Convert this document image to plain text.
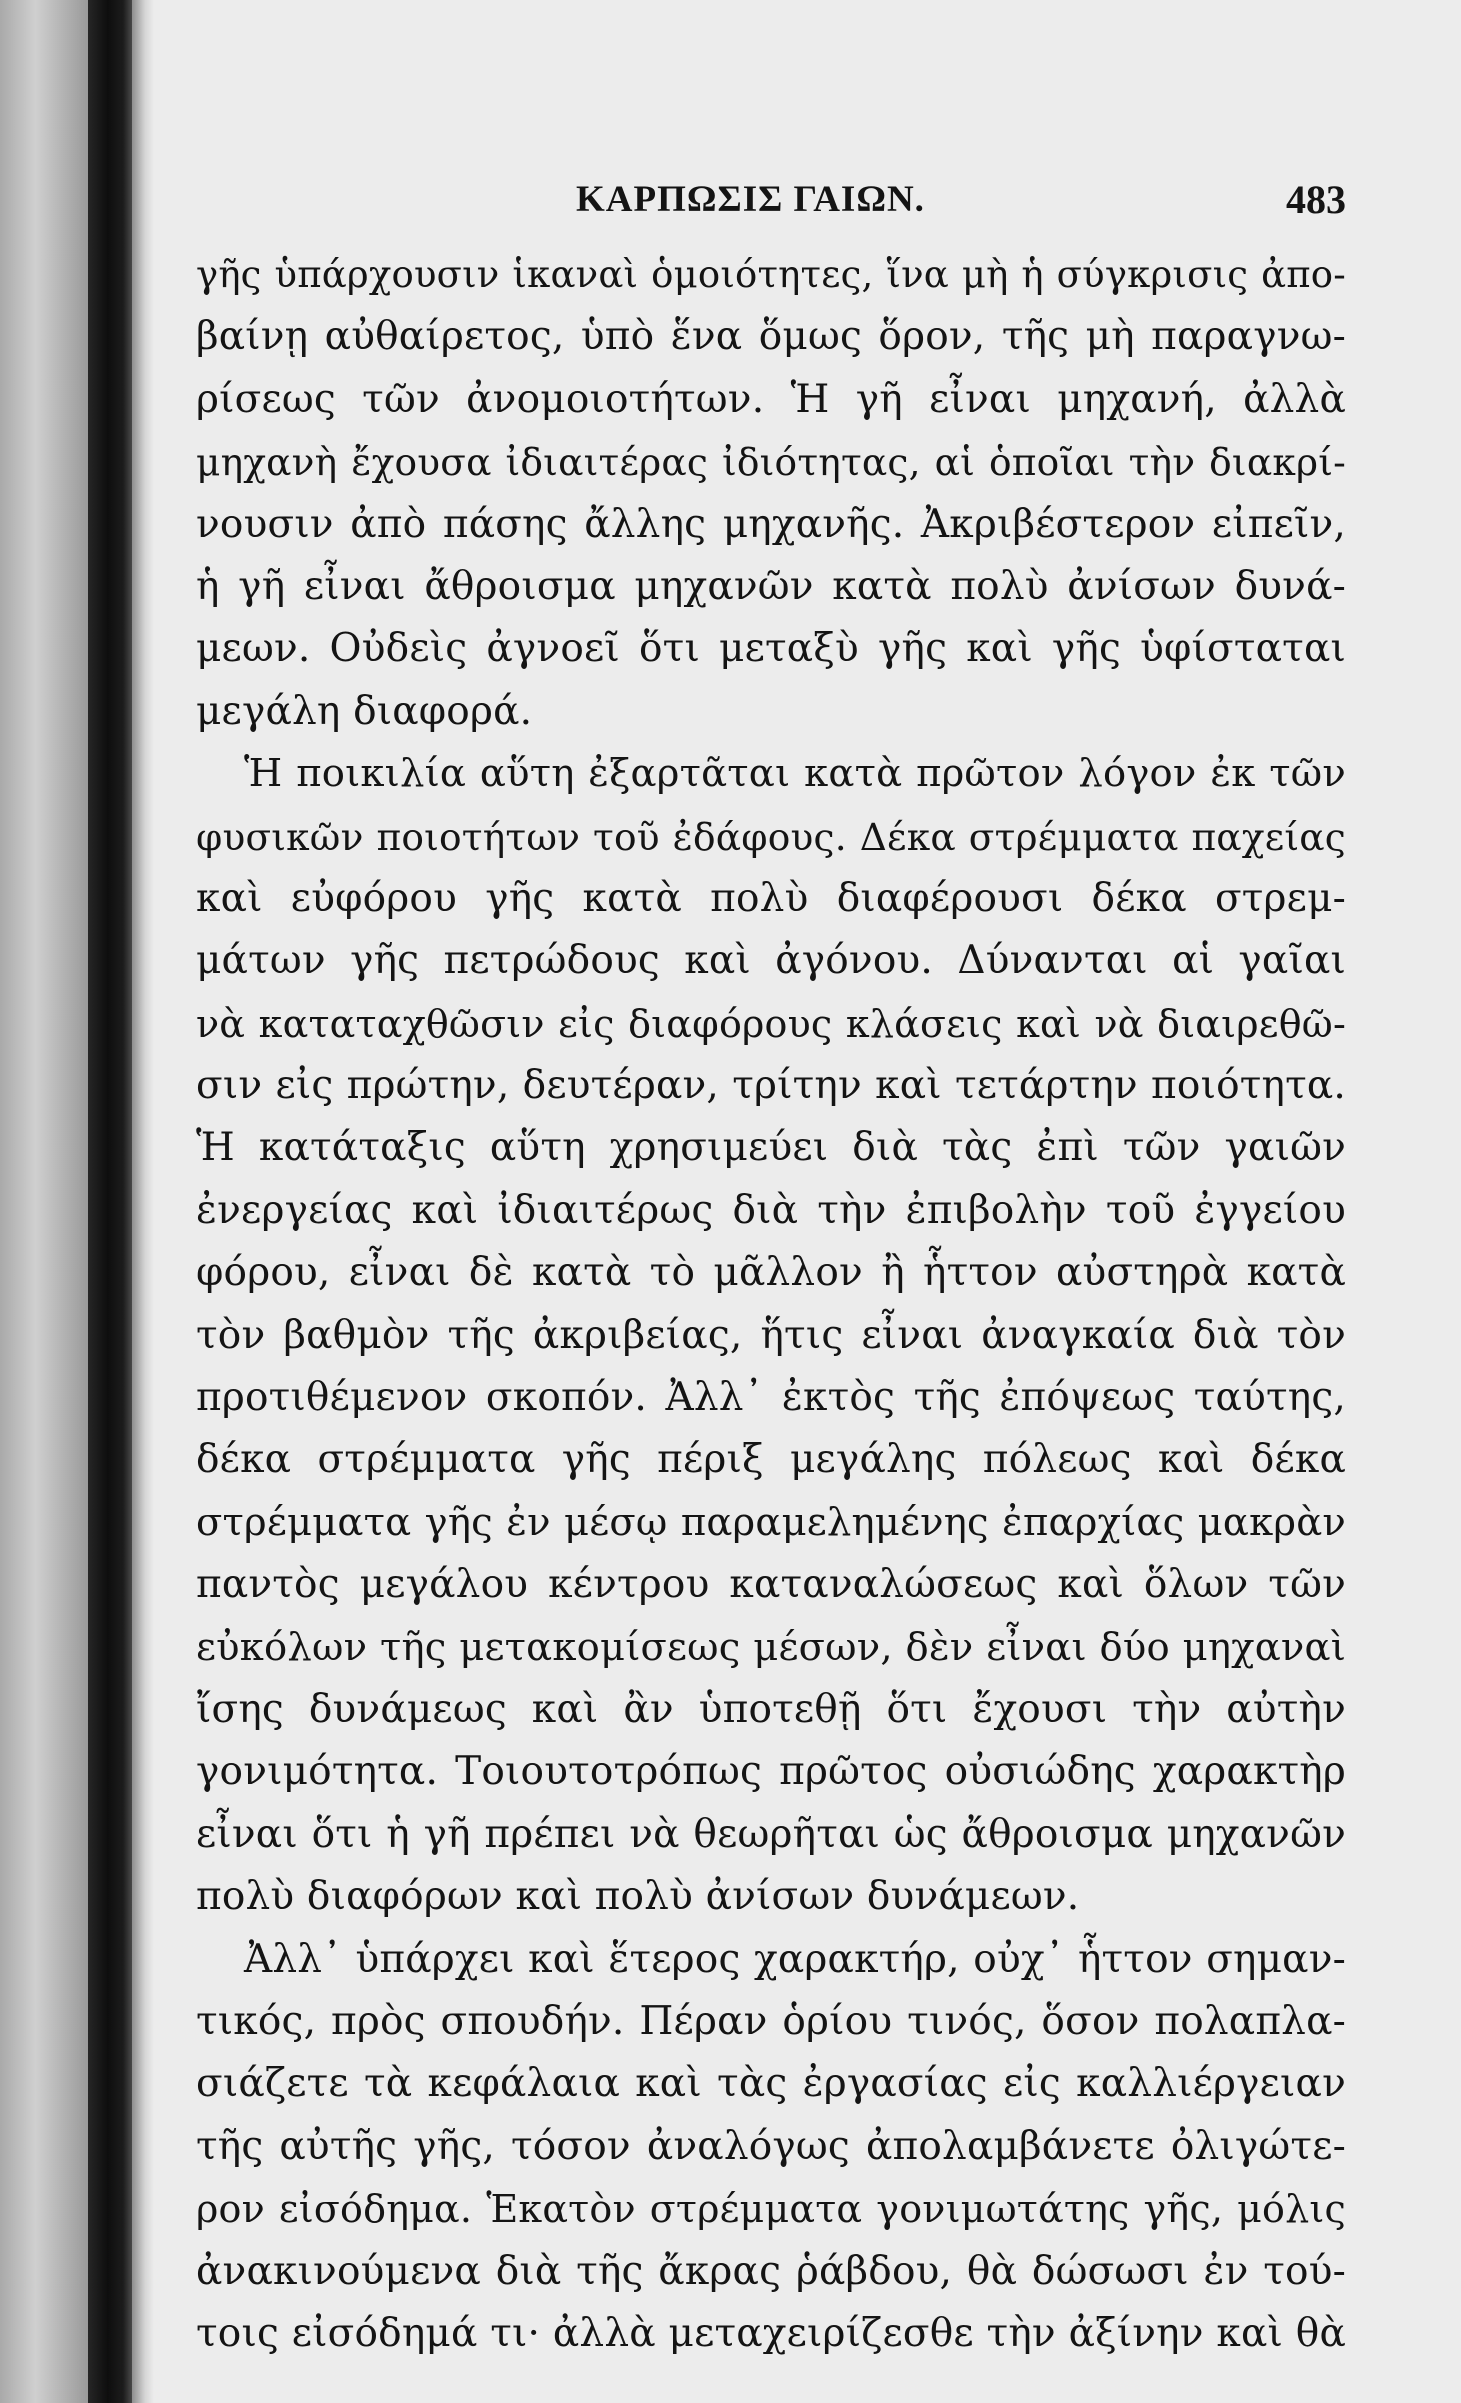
ΚΑΡΠΩΣΙΣ ΓΑΙΩΝ.	483
γῆς ὑπάρχουσιν ἱκαναὶ ὁμοιότητες, ἵνα μὴ ἡ σύγκρισις ἀπο-
βαίνῃ αὐθαίρετος, ὑπὸ ἕνα ὅμως ὅρον, τῆς μὴ παραγνω-
ρίσεως τῶν ἀνομοιοτήτων. Ἡ γῆ εἶναι μηχανή, ἀλλὰ
μηχανὴ ἔχουσα ἰδιαιτέρας ἰδιότητας, αἱ ὁποῖαι τὴν διακρί-
νουσιν ἀπὸ πάσης ἄλλης μηχανῆς. Ἀκριβέστερον εἰπεῖν,
ἡ γῆ εἶναι ἄθροισμα μηχανῶν κατὰ πολὺ ἀνίσων δυνά-
μεων. Οὐδεὶς ἀγνοεῖ ὅτι μεταξὺ γῆς καὶ γῆς ὑφίσταται
μεγάλη διαφορά.
Ἡ ποικιλία αὕτη ἐξαρτᾶται κατὰ πρῶτον λόγον ἐκ τῶν
φυσικῶν ποιοτήτων τοῦ ἐδάφους. Δέκα στρέμματα παχείας
καὶ εὐφόρου γῆς κατὰ πολὺ διαφέρουσι δέκα στρεμ-
μάτων γῆς πετρώδους καὶ ἀγόνου. Δύνανται αἱ γαῖαι
νὰ καταταχθῶσιν εἰς διαφόρους κλάσεις καὶ νὰ διαιρεθῶ-
σιν εἰς πρώτην, δευτέραν, τρίτην καὶ τετάρτην ποιότητα.
Ἡ κατάταξις αὕτη χρησιμεύει διὰ τὰς ἐπὶ τῶν γαιῶν
ἐνεργείας καὶ ἰδιαιτέρως διὰ τὴν ἐπιβολὴν τοῦ ἐγγείου
φόρου, εἶναι δὲ κατὰ τὸ μᾶλλον ἢ ἧττον αὐστηρὰ κατὰ
τὸν βαθμὸν τῆς ἀκριβείας, ἥτις εἶναι ἀναγκαία διὰ τὸν
προτιθέμενον σκοπόν. Ἀλλ᾿ ἐκτὸς τῆς ἐπόψεως ταύτης,
δέκα στρέμματα γῆς πέριξ μεγάλης πόλεως καὶ δέκα
στρέμματα γῆς ἐν μέσῳ παραμελημένης ἐπαρχίας μακρὰν
παντὸς μεγάλου κέντρου καταναλώσεως καὶ ὅλων τῶν
εὐκόλων τῆς μετακομίσεως μέσων, δὲν εἶναι δύο μηχαναὶ
ἴσης δυνάμεως καὶ ἂν ὑποτεθῇ ὅτι ἔχουσι τὴν αὐτὴν
γονιμότητα. Τοιουτοτρόπως πρῶτος οὐσιώδης χαρακτὴρ
εἶναι ὅτι ἡ γῆ πρέπει νὰ θεωρῆται ὡς ἄθροισμα μηχανῶν
πολὺ διαφόρων καὶ πολὺ ἀνίσων δυνάμεων.
Ἀλλ᾿ ὑπάρχει καὶ ἕτερος χαρακτήρ, οὐχ᾿ ἧττον σημαν-
τικός, πρὸς σπουδήν. Πέραν ὁρίου τινός, ὅσον πολαπλα-
σιάζετε τὰ κεφάλαια καὶ τὰς ἐργασίας εἰς καλλιέργειαν
τῆς αὐτῆς γῆς, τόσον ἀναλόγως ἀπολαμβάνετε ὀλιγώτε-
ρον εἰσόδημα. Ἑκατὸν στρέμματα γονιμωτάτης γῆς, μόλις
ἀνακινούμενα διὰ τῆς ἄκρας ῥάβδου, θὰ δώσωσι ἐν τού-
τοις εἰσόδημά τι· ἀλλὰ μεταχειρίζεσθε τὴν ἀξίνην καὶ θὰ
